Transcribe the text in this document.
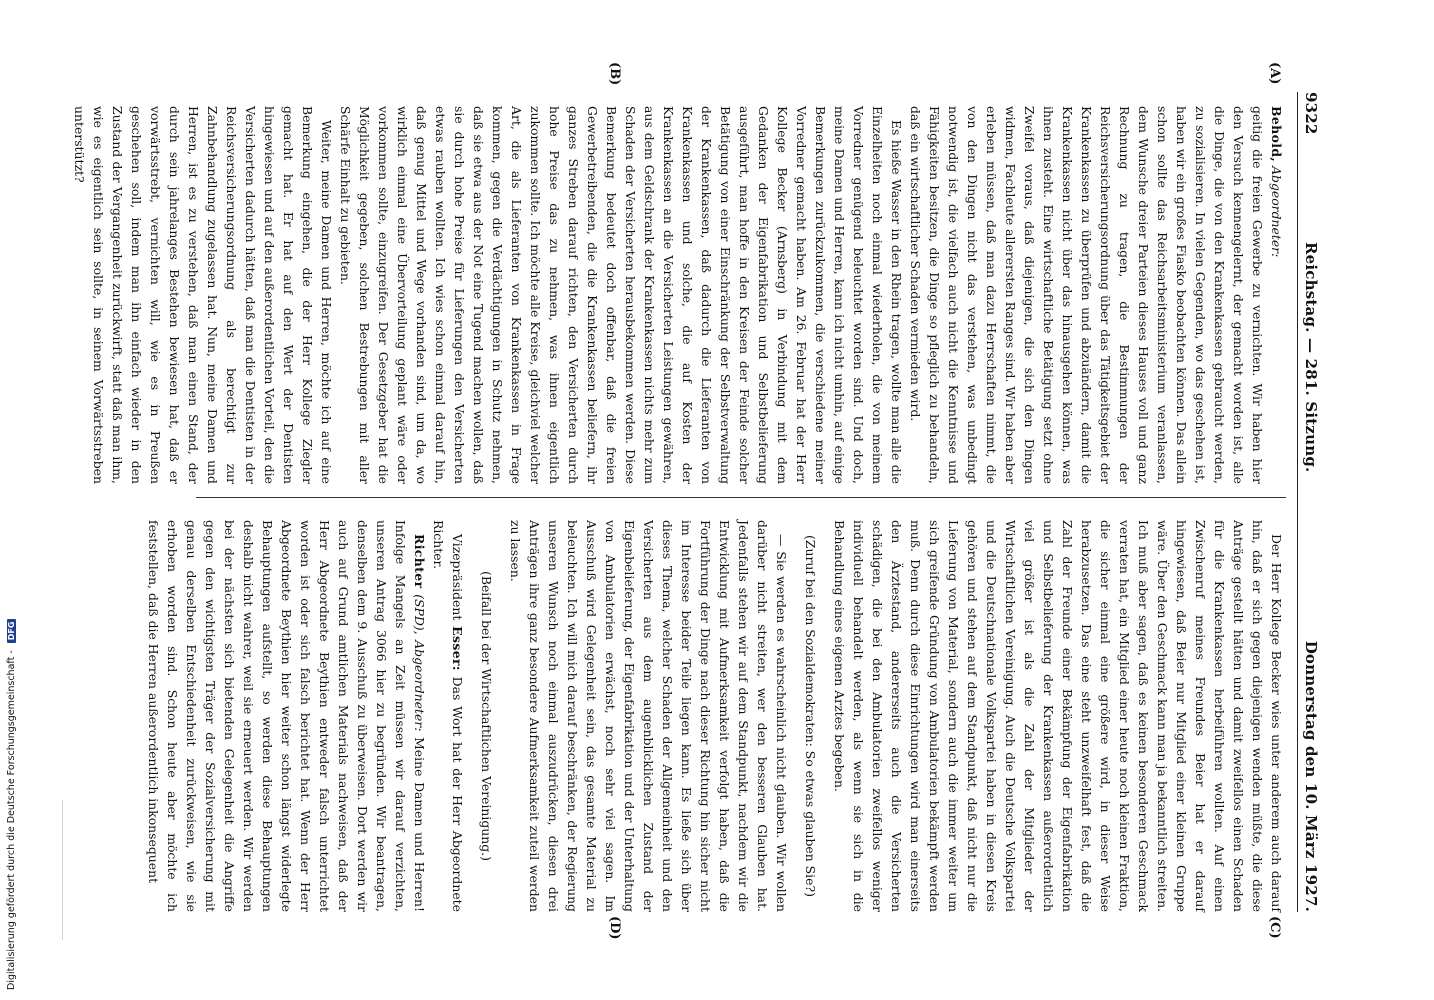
9322
Reichstag. — 281. Sitzung.
Donnerstag den 10. März 1927.
(A)
(B)
(C)
(D)

Behold, Abgeordneter:

geitig die freien Gewerbe zu vernichten. Wir haben hier den Versuch kennengelernt, der gemacht worden ist, alle die Dinge, die von den Krankenkassen gebraucht werden, zu sozialisieren. In vielen Gegenden, wo das geschehen ist, haben wir ein großes Fiasko beobachten können. Das allein schon sollte das Reichsarbeitsministerium veranlassen, dem Wunsche dreier Parteien dieses Hauses voll und ganz Rechnung zu tragen, die Bestimmungen der Reichsversicherungsordnung über das Tätigkeitsgebiet der Krankenkassen zu überprüfen und abzuändern, damit die Krankenkassen nicht über das hinausgehen können, was ihnen zusteht. Eine wirtschaftliche Betätigung setzt ohne Zweifel voraus, daß diejenigen, die sich den Dingen widmen, Fachleute allerersten Ranges sind. Wir haben aber erleben müssen, daß man dazu Herrschaften nimmt, die von den Dingen nicht das verstehen, was unbedingt notwendig ist, die vielfach auch nicht die Kenntnisse und Fähigkeiten besitzen, die Dinge so pfleglich zu behandeln, daß ein wirtschaftlicher Schaden vermieden wird.

Es hieße Wasser in den Rhein tragen, wollte man alle die Einzelheiten noch einmal wiederholen, die von meinem Vorredner genügend beleuchtet worden sind. Und doch, meine Damen und Herren, kann ich nicht umhin, auf einige Bemerkungen zurückzukommen, die verschiedene meiner Vorredner gemacht haben. Am 26. Februar hat der Herr Kollege Becker (Arnsberg) in Verbindung mit dem Gedanken der Eigenfabrikation und Selbstbelieferung ausgeführt, man hoffe in den Kreisen der Feinde solcher Betätigung von einer Einschränkung der Selbstverwaltung der Krankenkassen, daß dadurch die Lieferanten von Krankenkassen und solche, die auf Kosten der Krankenkassen an die Versicherten Leistungen gewähren, aus dem Geldschrank der Krankenkassen nichts mehr zum Schaden der Versicherten herausbekommen werden. Diese Bemerkung bedeutet doch offenbar, daß die freien Gewerbetreibenden, die die Krankenkassen beliefern, ihr ganzes Streben darauf richten, den Versicherten durch hohe Preise das zu nehmen, was ihnen eigentlich zukommen sollte. Ich möchte alle Kreise, gleichviel welcher Art, die als Lieferanten von Krankenkassen in Frage kommen, gegen die Verdächtigungen in Schutz nehmen, daß sie etwa aus der Not eine Tugend machen wollen, daß sie durch hohe Preise für Lieferungen den Versicherten etwas rauben wollten. Ich wies schon einmal darauf hin, daß genug Mittel und Wege vorhanden sind, um da, wo wirklich einmal eine Übervorteilung geplant wäre oder vorkommen sollte, einzugreifen. Der Gesetzgeber hat die Möglichkeit gegeben, solchen Bestrebungen mit aller Schärfe Einhalt zu gebieten.

Weiter, meine Damen und Herren, möchte ich auf eine Bemerkung eingehen, die der Herr Kollege Ziegler gemacht hat. Er hat auf den Wert der Dentisten hingewiesen und auf den außerordentlichen Vorteil, den die Versicherten dadurch hätten, daß man die Dentisten in der Reichsversicherungsordnung als berechtigt zur Zahnbehandlung zugelassen hat. Nun, meine Damen und Herren, ist es zu verstehen, daß man einen Stand, der durch sein jahrelanges Bestehen bewiesen hat, daß er vorwärtsstrebt, vernichten will, wie es in Preußen geschehen soll, indem man ihn einfach wieder in den Zustand der Vergangenheit zurückwirft, statt daß man ihm, wie es eigentlich sein sollte, in seinem Vorwärtsstreben unterstützt?

Der Herr Kollege Becker wies unter anderem auch darauf hin, daß er sich gegen diejenigen wenden müßte, die diese Anträge gestellt hätten und damit zweifellos einen Schaden für die Krankenkassen herbeiführen wollten. Auf einen Zwischenruf meines Freundes Beier hat er darauf hingewiesen, daß Beier nur Mitglied einer kleinen Gruppe wäre. Über den Geschmack kann man ja bekanntlich streiten. Ich muß aber sagen, daß es keinen besonderen Geschmack verraten hat, ein Mitglied einer heute noch kleinen Fraktion, die sicher einmal eine größere wird, in dieser Weise herabzusetzen. Das eine steht unzweifelhaft fest, daß die Zahl der Freunde einer Bekämpfung der Eigenfabrikation und Selbstbelieferung der Krankenkassen außerordentlich viel größer ist als die Zahl der Mitglieder der Wirtschaftlichen Vereinigung. Auch die Deutsche Volkspartei und die Deutschnationale Volkspartei haben in diesen Kreis gehören und stehen auf dem Standpunkt, daß nicht nur die Lieferung von Material, sondern auch die immer weiter um sich greifende Gründung von Ambulatorien bekämpft werden muß. Denn durch diese Einrichtungen wird man einerseits den Ärztestand, andererseits auch die Versicherten schädigen, die bei den Ambulatorien zweifellos weniger individuell behandelt werden, als wenn sie sich in die Behandlung eines eigenen Arztes begeben.

(Zuruf bei den Sozialdemokraten: So etwas glauben Sie?)

— Sie werden es wahrscheinlich nicht glauben. Wir wollen darüber nicht streiten, wer den besseren Glauben hat. Jedenfalls stehen wir auf dem Standpunkt, nachdem wir die Entwicklung mit Aufmerksamkeit verfolgt haben, daß die Fortführung der Dinge nach dieser Richtung hin sicher nicht im Interesse beider Teile liegen kann. Es ließe sich über dieses Thema, welcher Schaden der Allgemeinheit und den Versicherten aus dem augenblicklichen Zustand der Eigenbelieferung, der Eigenfabrikation und der Unterhaltung von Ambulatorien erwächst, noch sehr viel sagen. Im Ausschuß wird Gelegenheit sein, das gesamte Material zu beleuchten. Ich will mich darauf beschränken, der Regierung unseren Wunsch noch einmal auszudrücken, diesen drei Anträgen ihre ganz besondere Aufmerksamkeit zuteil werden zu lassen.

(Beifall bei der Wirtschaftlichen Vereinigung.)

Vizepräsident Esser: Das Wort hat der Herr Abgeordnete Richter.

Richter (SPD), Abgeordneter: Meine Damen und Herren! Infolge Mangels an Zeit müssen wir darauf verzichten, unseren Antrag 3066 hier zu begründen. Wir beantragen, denselben dem 9. Ausschuß zu überweisen. Dort werden wir auch auf Grund amtlichen Materials nachweisen, daß der Herr Abgeordnete Beythien entweder falsch unterrichtet worden ist oder sich falsch berichtet hat. Wenn der Herr Abgeordnete Beythien hier weiter schon längst widerlegte Behauptungen aufstellt, so werden diese Behauptungen deshalb nicht wahrer, weil sie erneuert werden. Wir werden bei der nächsten sich bietenden Gelegenheit die Angriffe gegen den wichtigsten Träger der Sozialversicherung mit genau derselben Entschiedenheit zurückweisen, wie sie erhoben worden sind. Schon heute aber möchte ich feststellen, daß die Herren außerordentlich inkonsequent

Digitalisierung gefördert durch die Deutsche Forschungsgemeinschaft - DFG
